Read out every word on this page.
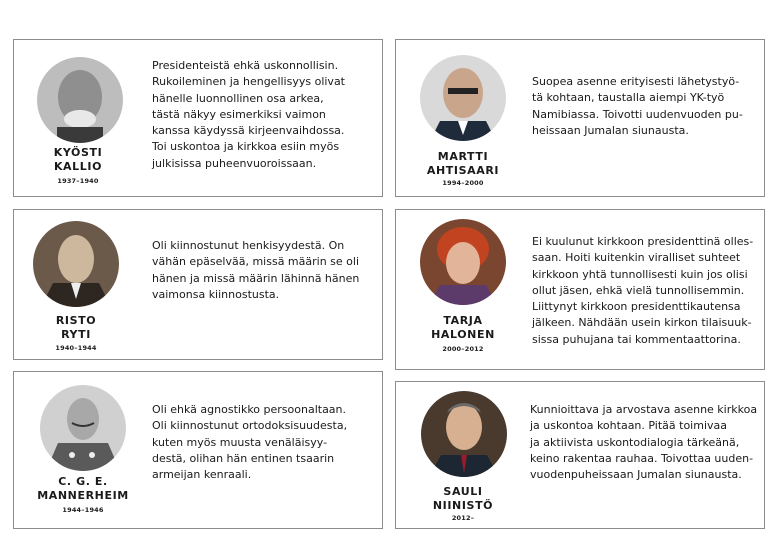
KYÖSTI
KALLIO
1937–1940

Presidenteistä ehkä uskonnollisin.
Rukoileminen ja hengellisyys olivat
hänelle luonnollinen osa arkea,
tästä näkyy esimerkiksi vaimon
kanssa käydyssä kirjeenvaihdossa.
Toi uskontoa ja kirkkoa esiin myös
julkisissa puheenvuoroissaan.

MARTTI
AHTISAARI
1994–2000

Suopea asenne erityisesti lähetystyö-
tä kohtaan, taustalla aiempi YK-työ
Namibiassa. Toivotti uudenvuoden pu-
heissaan Jumalan siunausta.

RISTO
RYTI
1940–1944

Oli kiinnostunut henkisyydestä. On
vähän epäselvää, missä määrin se oli
hänen ja missä määrin lähinnä hänen
vaimonsa kiinnostusta.

TARJA
HALONEN
2000–2012

Ei kuulunut kirkkoon presidenttinä olles-
saan. Hoiti kuitenkin viralliset suhteet
kirkkoon yhtä tunnollisesti kuin jos olisi
ollut jäsen, ehkä vielä tunnollisemmin.
Liittynyt kirkkoon presidenttikautensa
jälkeen. Nähdään usein kirkon tilaisuuk-
sissa puhujana tai kommentaattorina.

C. G. E.
MANNERHEIM
1944–1946

Oli ehkä agnostikko persoonaltaan.
Oli kiinnostunut ortodoksisuudesta,
kuten myös muusta venäläisyy-
destä, olihan hän entinen tsaarin
armeijan kenraali.

SAULI
NIINISTÖ
2012–

Kunnioittava ja arvostava asenne kirkkoa
ja uskontoa kohtaan. Pitää toimivaa
ja aktiivista uskontodialogia tärkeänä,
keino rakentaa rauhaa. Toivottaa uuden-
vuodenpuheissaan Jumalan siunausta.
